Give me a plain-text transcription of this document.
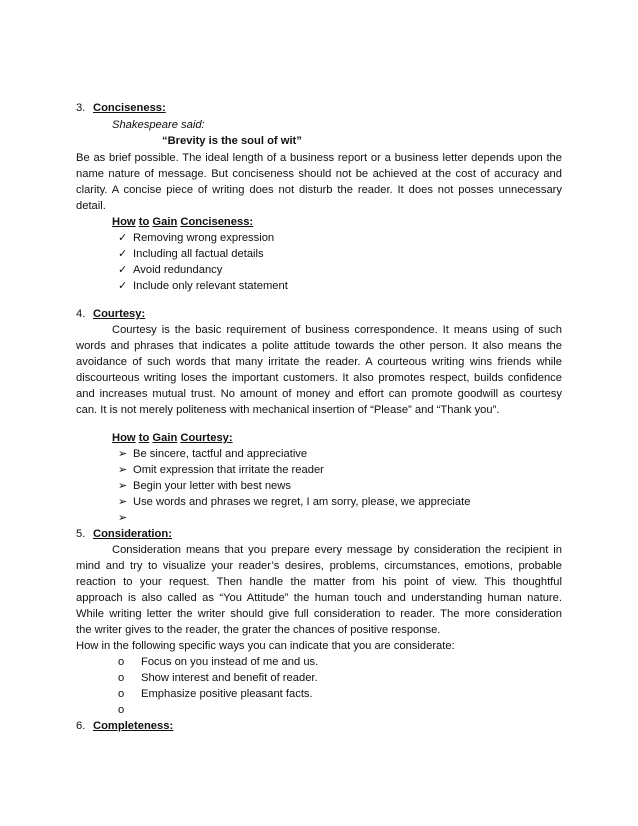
3. Conciseness:
Shakespeare said:
“Brevity is the soul of wit”
Be as brief possible. The ideal length of a business report or a business letter depends upon the
name nature of message. But conciseness should not be achieved at the cost of accuracy and
clarity. A concise piece of writing does not disturb the reader. It does not posses unnecessary
detail.
How to Gain Conciseness:
✓ Removing wrong expression
✓ Including all factual details
✓ Avoid redundancy
✓ Include only relevant statement
4. Courtesy:
Courtesy is the basic requirement of business correspondence. It means using of such
words and phrases that indicates a polite attitude towards the other person. It also means the
avoidance of such words that many irritate the reader. A courteous writing wins friends while
discourteous writing loses the important customers. It also promotes respect, builds confidence
and increases mutual trust. No amount of money and effort can promote goodwill as courtesy
can. It is not merely politeness with mechanical insertion of “Please” and “Thank you”.
How to Gain Courtesy:
➢ Be sincere, tactful and appreciative
➢ Omit expression that irritate the reader
➢ Begin your letter with best news
➢ Use words and phrases we regret, I am sorry, please, we appreciate
➢
5. Consideration:
Consideration means that you prepare every message by consideration the recipient in
mind and try to visualize your reader’s desires, problems, circumstances, emotions, probable
reaction to your request. Then handle the matter from his point of view. This thoughtful
approach is also called as “You Attitude” the human touch and understanding human nature.
While writing letter the writer should give full consideration to reader. The more consideration
the writer gives to the reader, the grater the chances of positive response.
How in the following specific ways you can indicate that you are considerate:
o Focus on you instead of me and us.
o Show interest and benefit of reader.
o Emphasize positive pleasant facts.
o
6. Completeness:
